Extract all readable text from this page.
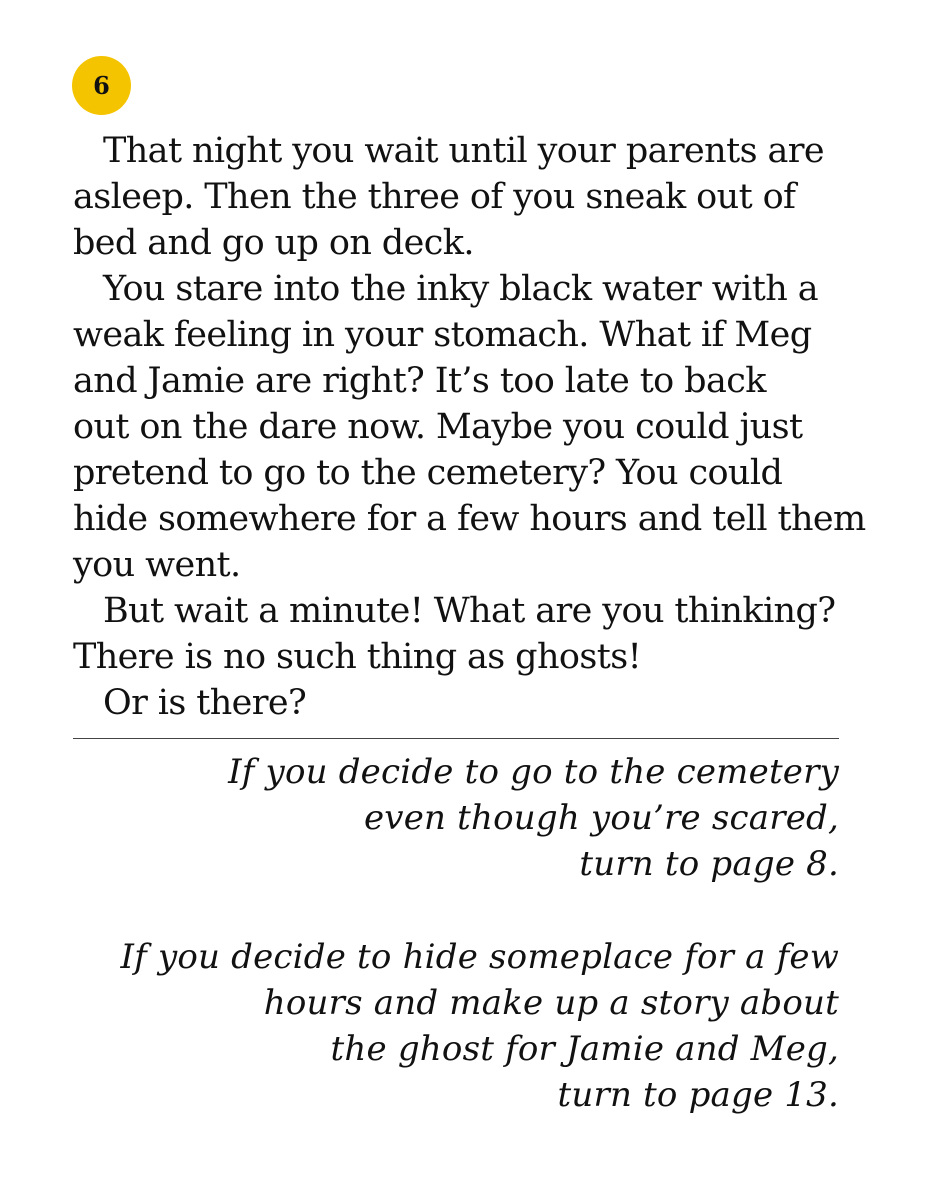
6

That night you wait until your parents are
asleep. Then the three of you sneak out of
bed and go up on deck.

You stare into the inky black water with a
weak feeling in your stomach. What if Meg
and Jamie are right? It’s too late to back
out on the dare now. Maybe you could just
pretend to go to the cemetery? You could
hide somewhere for a few hours and tell them
you went.

But wait a minute! What are you thinking?
There is no such thing as ghosts!

Or is there?

If you decide to go to the cemetery
even though you’re scared,
turn to page 8.
If you decide to hide someplace for a few
hours and make up a story about
the ghost for Jamie and Meg,
turn to page 13.
